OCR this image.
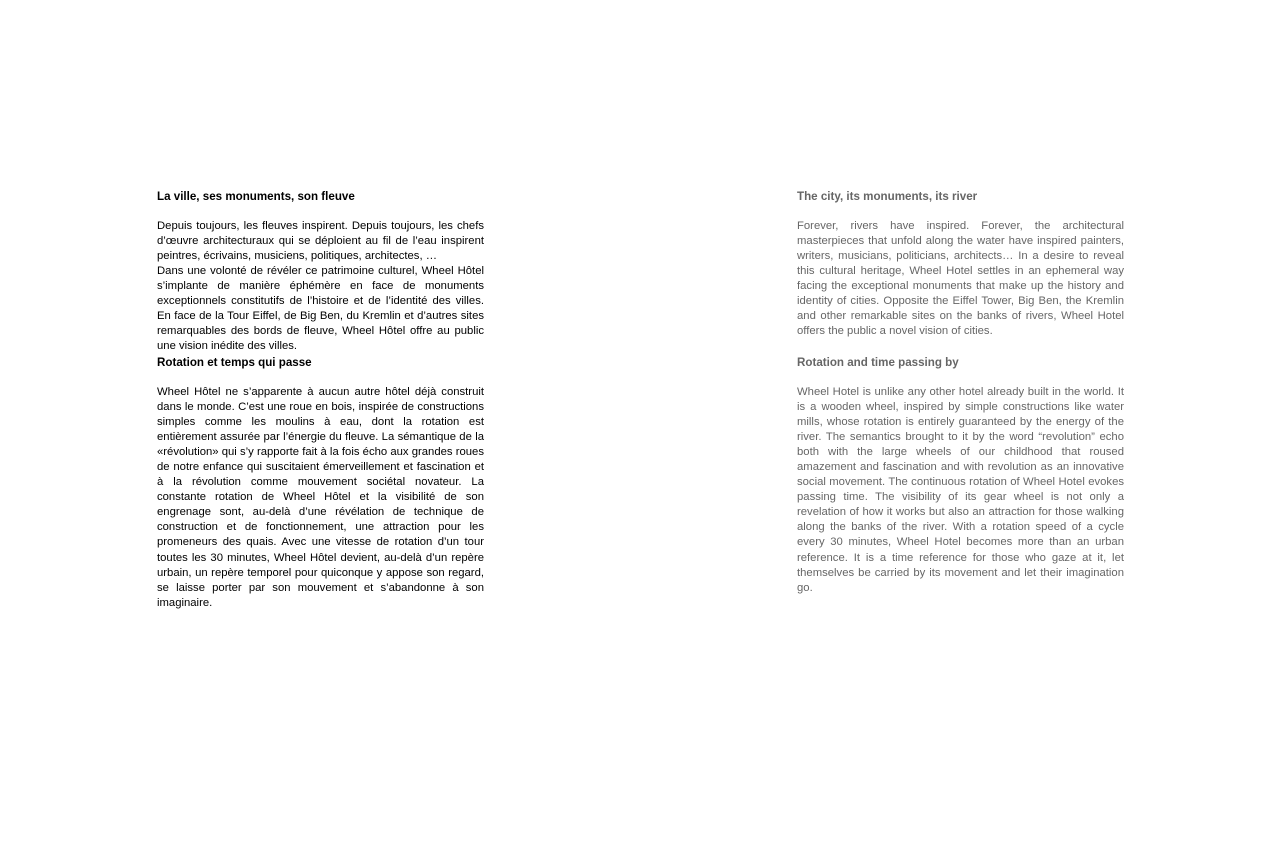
La ville, ses monuments, son fleuve

Depuis toujours, les fleuves inspirent. Depuis toujours, les chefs d’œuvre architecturaux qui se déploient au fil de l’eau inspirent peintres, écrivains, musiciens, politiques, architectes, …

Dans une volonté de révéler ce patrimoine culturel, Wheel Hôtel s’implante de manière éphémère en face de monuments exceptionnels constitutifs de l’histoire et de l’identité des villes. En face de la Tour Eiffel, de Big Ben, du Kremlin et d’autres sites remarquables des bords de fleuve, Wheel Hôtel offre au public une vision inédite des villes.

Rotation et temps qui passe

Wheel Hôtel ne s’apparente à aucun autre hôtel déjà construit dans le monde. C’est une roue en bois, inspirée de constructions simples comme les moulins à eau, dont la rotation est entièrement assurée par l’énergie du fleuve. La sémantique de la «révolution» qui s’y rapporte fait à la fois écho aux grandes roues de notre enfance qui suscitaient émerveillement et fascination et à la révolution comme mouvement sociétal novateur. La constante rotation de Wheel Hôtel et la visibilité de son engrenage sont, au-delà d’une révélation de technique de construction et de fonctionnement, une attraction pour les promeneurs des quais. Avec une vitesse de rotation d’un tour toutes les 30 minutes, Wheel Hôtel devient, au-delà d’un repère urbain, un repère temporel pour quiconque y appose son regard, se laisse porter par son mouvement et s’abandonne à son imaginaire.

The city, its monuments, its river

Forever, rivers have inspired. Forever, the architectural masterpieces that unfold along the water have inspired painters, writers, musicians, politicians, architects… In a desire to reveal this cultural heritage, Wheel Hotel settles in an ephemeral way facing the exceptional monuments that make up the history and identity of cities. Opposite the Eiffel Tower, Big Ben, the Kremlin and other remarkable sites on the banks of rivers, Wheel Hotel offers the public a novel vision of cities.

Rotation and time passing by

Wheel Hotel is unlike any other hotel already built in the world. It is a wooden wheel, inspired by simple constructions like water mills, whose rotation is entirely guaranteed by the energy of the river. The semantics brought to it by the word “revolution” echo both with the large wheels of our childhood that roused amazement and fascination and with revolution as an innovative social movement. The continuous rotation of Wheel Hotel evokes passing time. The visibility of its gear wheel is not only a revelation of how it works but also an attraction for those walking along the banks of the river. With a rotation speed of a cycle every 30 minutes, Wheel Hotel becomes more than an urban reference. It is a time reference for those who gaze at it, let themselves be carried by its movement and let their imagination go.
